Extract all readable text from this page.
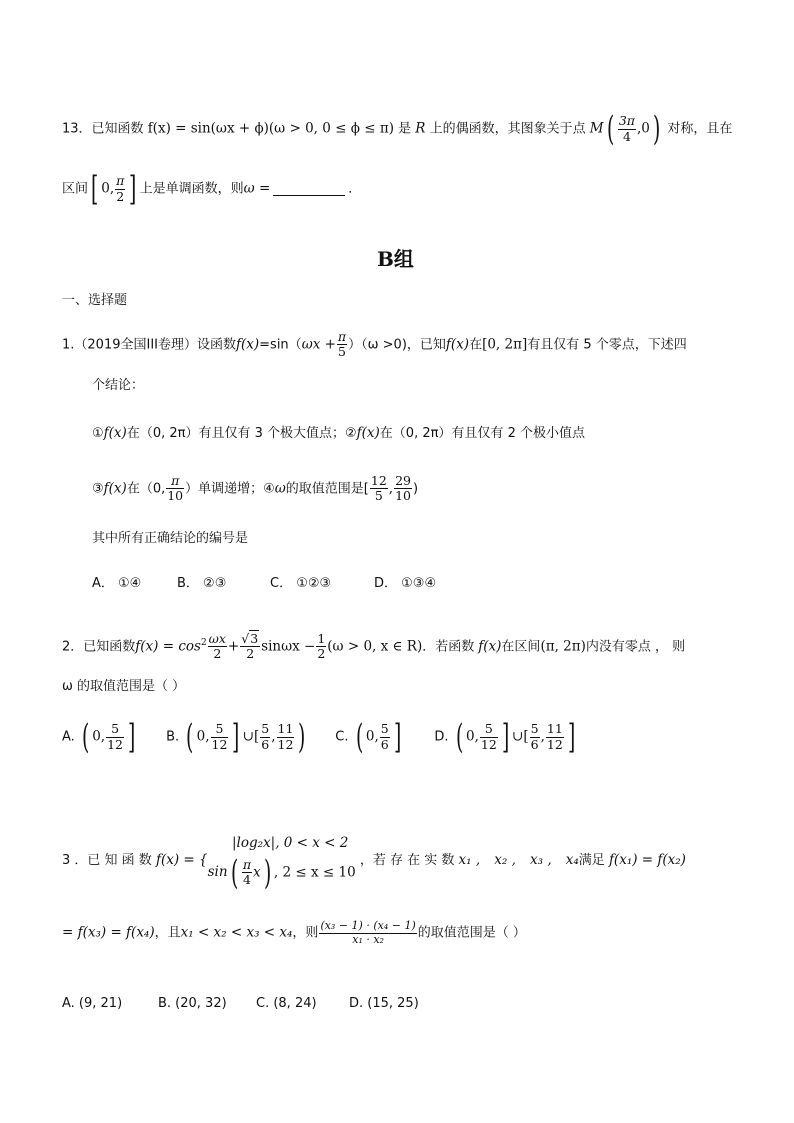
13．已知函数 f(x) = sin(ωx + ϕ)(ω > 0, 0 ≤ ϕ ≤ π) 是 R 上的偶函数，其图象关于点 $M( \frac{3\pi}{4} ,0)$ 对称，且在
区间[ 0, $\frac{\pi}{2}$ ] 上是单调函数，则ω =	．
B组
一、选择题
1.（2019全国III卷理）设函数$f(x)=\sin(\omega x + \frac{\pi}{5} )(\omega >0)$，已知f(x)在[0, 2π]有且仅有 5 个零点，下述四
个结论：
①f(x)在（0, 2π）有且仅有 3 个极大值点；②f(x)在（0, 2π）有且仅有 2 个极小值点
③f(x)在（0, $\frac{\pi}{10}$ ）单调递增；④ω的取值范围是[ $\frac{12}{5}$ , $\frac{29}{10}$ )
其中所有正确结论的编号是
A． ①④	B． ②③	C． ①②③	D． ①③④
2．已知函数$f(x) = \cos^2 \frac{\omega x}{2} + \frac{√3}{2}$ $\sin\omega x - \frac{1}{2} (\omega > 0$, x ∈ R)．若函数 f(x)在区间(π, 2π)内没有零点 ， 则
ω 的取值范围是（ ）
A. ( 0, $\frac{5}{12}$ ] B. ( 0, $\frac{5}{12}$ ] ∪[ $\frac{5}{6}$ , $\frac{11}{12}$ ) C. ( 0, $\frac{5}{6}$ ]	D. ( 0, $\frac{5}{12}$ ] ∪[ $\frac{5}{6}$ , $\frac{11}{12}$ ]
|log₂x|, 0 < x < 2
3 ．已 知 函 数 $f(x) = \{\sin( \frac{\pi}{4} x)$ , 2 ≤ x ≤ 10 ，若 存 在 实 数 x₁ , x₂ , x₃ , x₄满足 f(x₁) = f(x₂)
= f(x₃) = f(x₄)，且x₁ < x₂ < x₃ < x₄，则 $\frac{\text{(x₃ − 1) · (x₄ − 1)}}{\text{x₁ · x₂}}$ 的取值范围是（ ）
A. (9, 21)	B. (20, 32) C. (8, 24) D. (15, 25)
